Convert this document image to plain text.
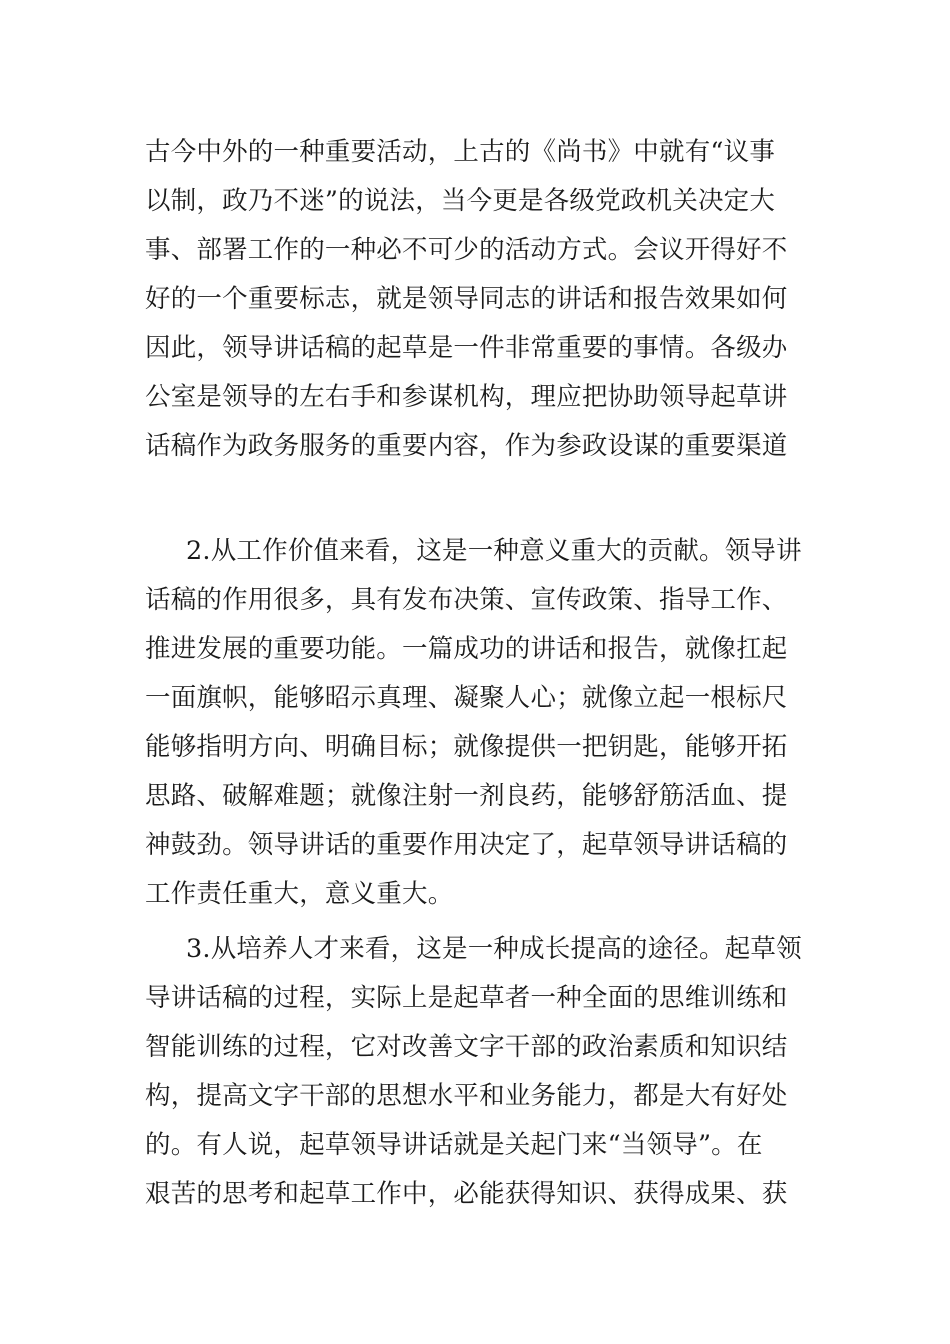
古今中外的一种重要活动，上古的《尚书》中就有“议事
以制，政乃不迷”的说法，当今更是各级党政机关决定大
事、部署工作的一种必不可少的活动方式。会议开得好不
好的一个重要标志，就是领导同志的讲话和报告效果如何
因此，领导讲话稿的起草是一件非常重要的事情。各级办
公室是领导的左右手和参谋机构，理应把协助领导起草讲
话稿作为政务服务的重要内容，作为参政设谋的重要渠道
2.从工作价值来看，这是一种意义重大的贡献。领导讲
话稿的作用很多，具有发布决策、宣传政策、指导工作、
推进发展的重要功能。一篇成功的讲话和报告，就像扛起
一面旗帜，能够昭示真理、凝聚人心；就像立起一根标尺
能够指明方向、明确目标；就像提供一把钥匙，能够开拓
思路、破解难题；就像注射一剂良药，能够舒筋活血、提
神鼓劲。领导讲话的重要作用决定了，起草领导讲话稿的
工作责任重大，意义重大。
3.从培养人才来看，这是一种成长提高的途径。起草领
导讲话稿的过程，实际上是起草者一种全面的思维训练和
智能训练的过程，它对改善文字干部的政治素质和知识结
构，提高文字干部的思想水平和业务能力，都是大有好处
的。有人说，起草领导讲话就是关起门来“当领导”。在
艰苦的思考和起草工作中，必能获得知识、获得成果、获
